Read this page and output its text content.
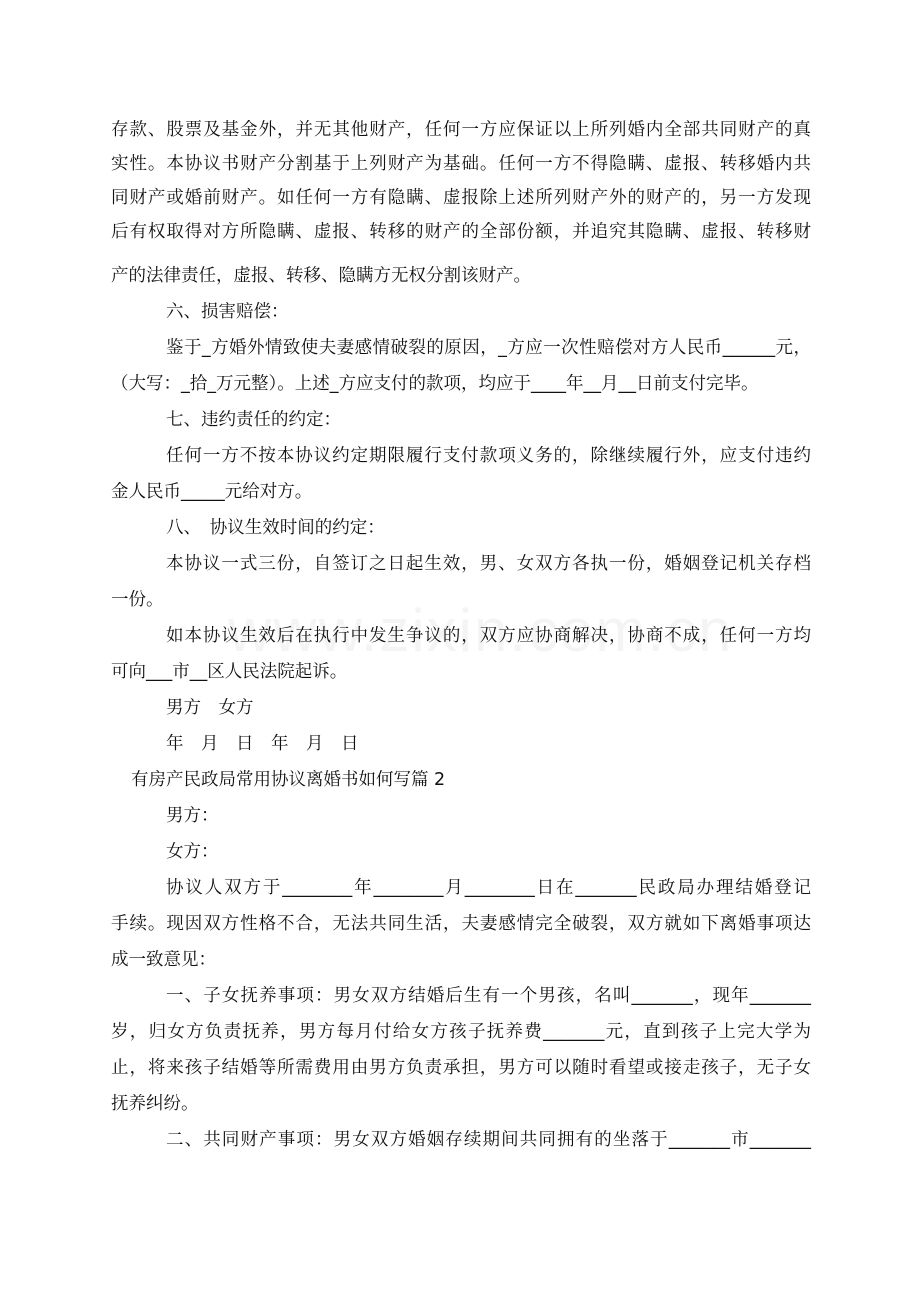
存款、股票及基金外，并无其他财产，任何一方应保证以上所列婚内全部共同财产的真
实性。本协议书财产分割基于上列财产为基础。任何一方不得隐瞒、虚报、转移婚内共
同财产或婚前财产。如任何一方有隐瞒、虚报除上述所列财产外的财产的，另一方发现
后有权取得对方所隐瞒、虚报、转移的财产的全部份额，并追究其隐瞒、虚报、转移财
产的法律责任，虚报、转移、隐瞒方无权分割该财产。
六、损害赔偿：
鉴于_方婚外情致使夫妻感情破裂的原因，_方应一次性赔偿对方人民币______元，
（大写：_拾_万元整）。上述_方应支付的款项，均应于____年__月__日前支付完毕。
七、违约责任的约定：
任何一方不按本协议约定期限履行支付款项义务的，除继续履行外，应支付违约
金人民币_____元给对方。
八、　协议生效时间的约定：
本协议一式三份，自签订之日起生效，男、女双方各执一份，婚姻登记机关存档
一份。
如本协议生效后在执行中发生争议的，双方应协商解决，协商不成，任何一方均
可向___市__区人民法院起诉。
男方　女方
年　月　日　年　月　日
有房产民政局常用协议离婚书如何写篇 2
男方：
女方：
协议人双方于________年________月________日在_______民政局办理结婚登记
手续。现因双方性格不合，无法共同生活，夫妻感情完全破裂，双方就如下离婚事项达
成一致意见：
一、子女抚养事项：男女双方结婚后生有一个男孩，名叫_______，现年_______
岁，归女方负责抚养，男方每月付给女方孩子抚养费_______元，直到孩子上完大学为
止，将来孩子结婚等所需费用由男方负责承担，男方可以随时看望或接走孩子，无子女
抚养纠纷。
二、共同财产事项：男女双方婚姻存续期间共同拥有的坐落于_______市_______
